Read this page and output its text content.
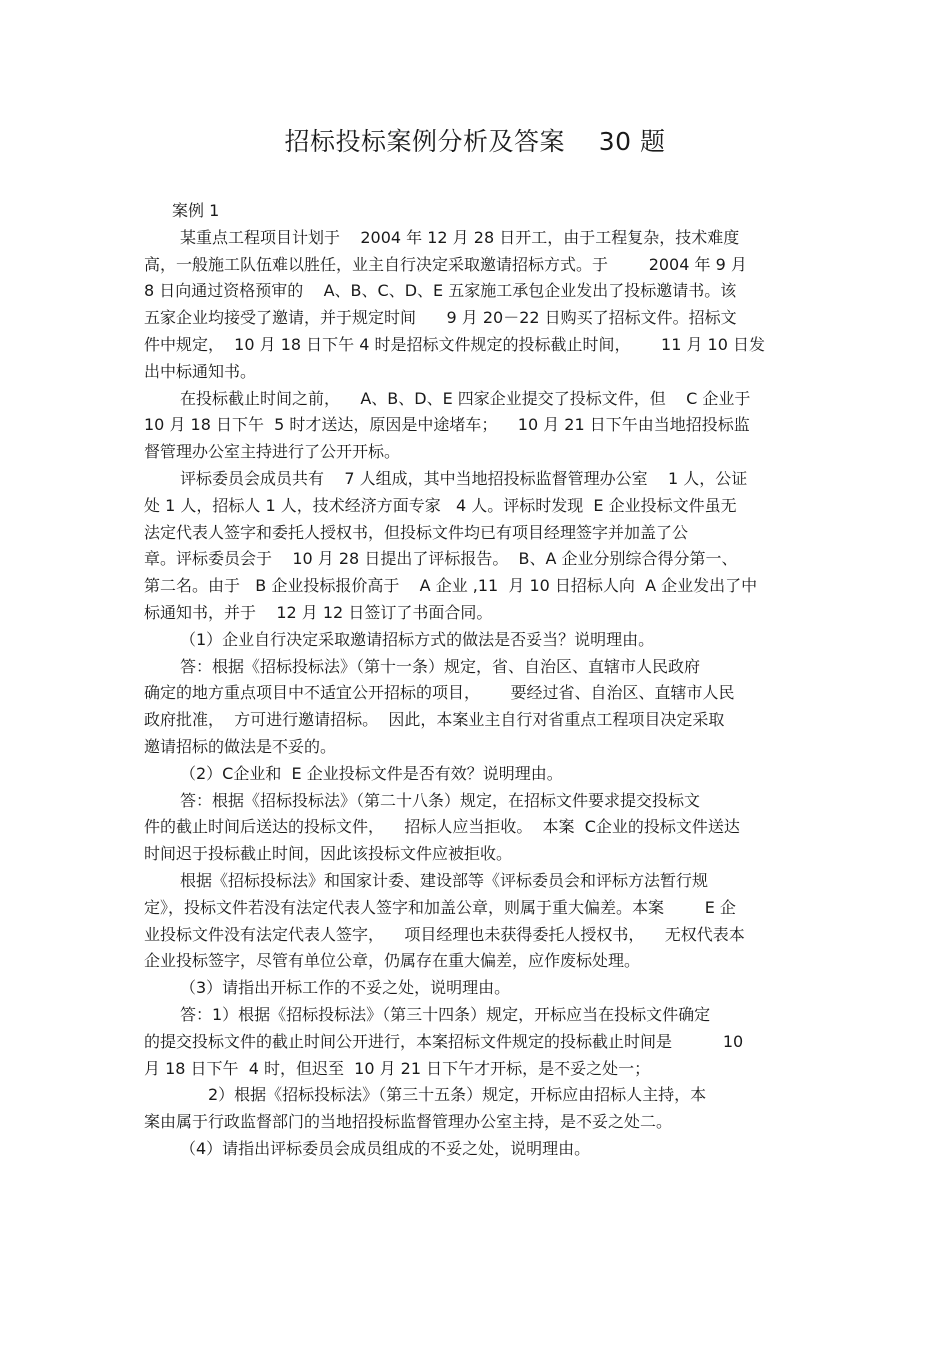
招标投标案例分析及答案    30 题
案例 1
某重点工程项目计划于    2004 年 12 月 28 日开工，由于工程复杂，技术难度
高，一般施工队伍难以胜任，业主自行决定采取邀请招标方式。于        2004 年 9 月
8 日向通过资格预审的    A、B、C、D、E 五家施工承包企业发出了投标邀请书。该
五家企业均接受了邀请，并于规定时间      9 月 20－22 日购买了招标文件。招标文
件中规定，  10 月 18 日下午 4 时是招标文件规定的投标截止时间，      11 月 10 日发
出中标通知书。
在投标截止时间之前，    A、B、D、E 四家企业提交了投标文件，但    C 企业于
10 月 18 日下午  5 时才送达，原因是中途堵车；    10 月 21 日下午由当地招投标监
督管理办公室主持进行了公开开标。
评标委员会成员共有    7 人组成，其中当地招投标监督管理办公室    1 人，公证
处 1 人，招标人 1 人，技术经济方面专家   4 人。评标时发现  E 企业投标文件虽无
法定代表人签字和委托人授权书，但投标文件均已有项目经理签字并加盖了公
章。评标委员会于    10 月 28 日提出了评标报告。  B、A 企业分别综合得分第一、
第二名。由于   B 企业投标报价高于    A 企业 ,11  月 10 日招标人向  A 企业发出了中
标通知书，并于    12 月 12 日签订了书面合同。
（1）企业自行决定采取邀请招标方式的做法是否妥当？说明理由。
答：根据《招标投标法》（第十一条）规定，省、自治区、直辖市人民政府
确定的地方重点项目中不适宜公开招标的项目，      要经过省、自治区、直辖市人民
政府批准，  方可进行邀请招标。  因此，本案业主自行对省重点工程项目决定采取
邀请招标的做法是不妥的。
（2）C企业和  E 企业投标文件是否有效？说明理由。
答：根据《招标投标法》（第二十八条）规定，在招标文件要求提交投标文
件的截止时间后送达的投标文件，    招标人应当拒收。  本案  C企业的投标文件送达
时间迟于投标截止时间，因此该投标文件应被拒收。
根据《招标投标法》和国家计委、建设部等《评标委员会和评标方法暂行规
定》，投标文件若没有法定代表人签字和加盖公章，则属于重大偏差。本案        E 企
业投标文件没有法定代表人签字，    项目经理也未获得委托人授权书，    无权代表本
企业投标签字，尽管有单位公章，仍属存在重大偏差，应作废标处理。
（3）请指出开标工作的不妥之处，说明理由。
答：1）根据《招标投标法》（第三十四条）规定，开标应当在投标文件确定
的提交投标文件的截止时间公开进行，本案招标文件规定的投标截止时间是          10
月 18 日下午  4 时，但迟至  10 月 21 日下午才开标，是不妥之处一；
2）根据《招标投标法》（第三十五条）规定，开标应由招标人主持，本
案由属于行政监督部门的当地招投标监督管理办公室主持，是不妥之处二。
（4）请指出评标委员会成员组成的不妥之处，说明理由。
